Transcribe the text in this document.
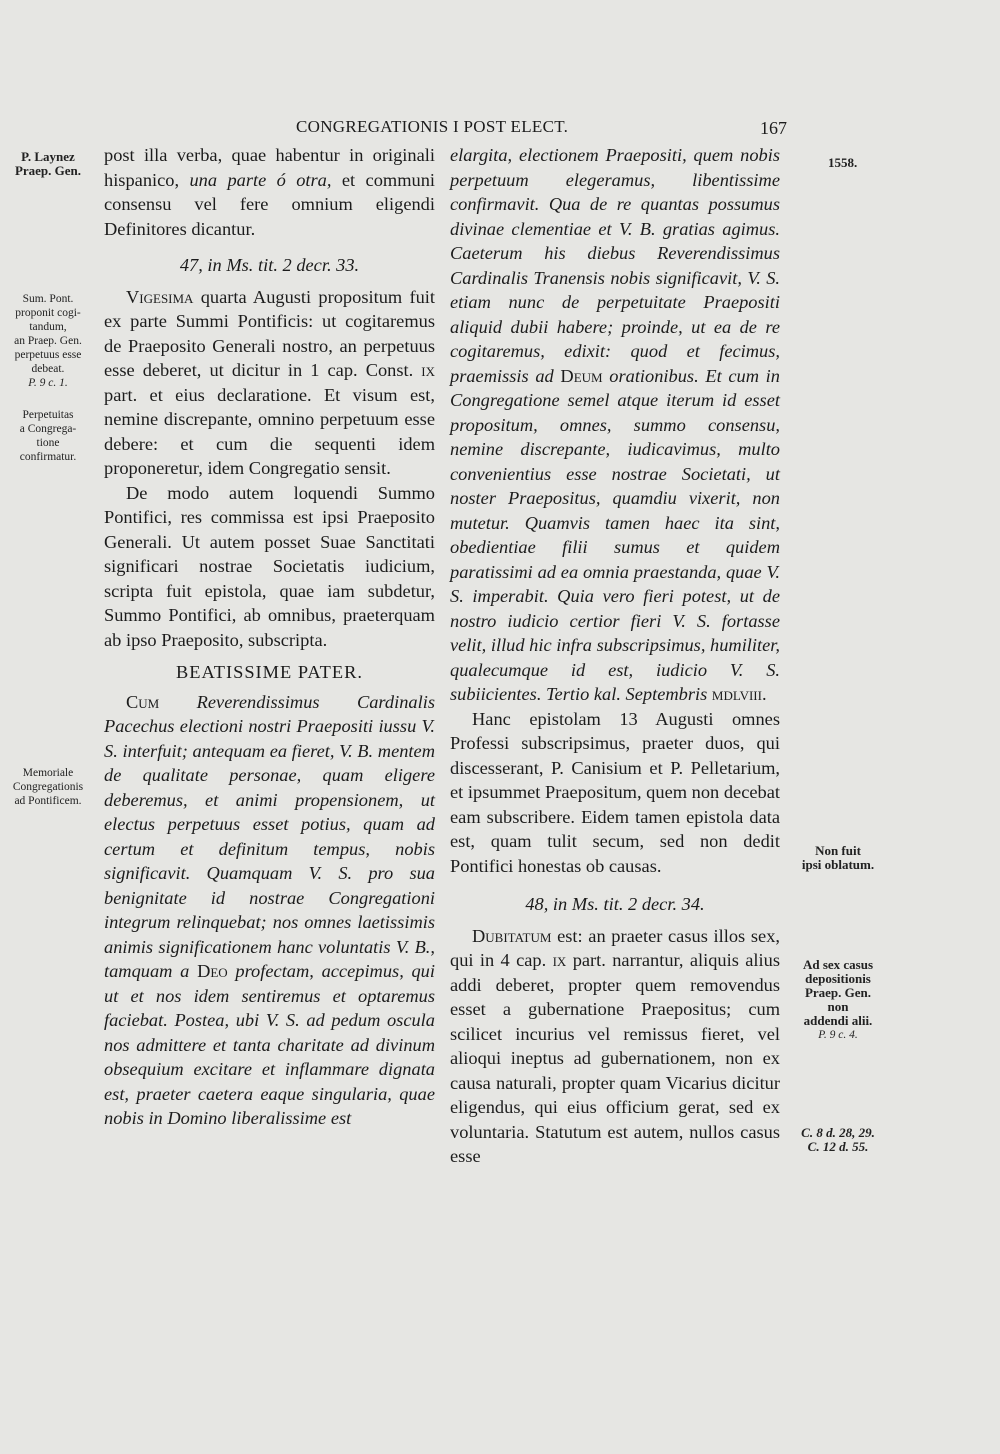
CONGREGATIONIS I POST ELECT.	167
P. Laynez
Praep. Gen.
Sum. Pont.
proponit cogi-
tandum,
an Praep. Gen.
perpetuus esse
debeat.
P. 9 c. 1.
Perpetuitas
a Congrega-
tione
confirmatur.
Memoriale
Congregationis
ad Pontificem.
1558.
Non fuit
ipsi oblatum.
Ad sex casus
depositionis
Praep. Gen.
non
addendi alii.
P. 9 c. 4.
C. 8 d. 28, 29.
C. 12 d. 55.

post illa verba, quae habentur in originali hispanico, una parte ó otra, et communi consensu vel fere omnium eligendi Definitores dicantur.

47, in Ms. tit. 2 decr. 33.

Vigesima quarta Augusti propositum fuit ex parte Summi Pontificis: ut cogitaremus de Praeposito Generali nostro, an perpetuus esse deberet, ut dicitur in 1 cap. Const. ix part. et eius declaratione. Et visum est, nemine discrepante, omnino perpetuum esse debere: et cum die sequenti idem proponeretur, idem Congregatio sensit.

De modo autem loquendi Summo Pontifici, res commissa est ipsi Praeposito Generali. Ut autem posset Suae Sanctitati significari nostrae Societatis iudicium, scripta fuit epistola, quae iam subdetur, Summo Pontifici, ab omnibus, praeterquam ab ipso Praeposito, subscripta.

BEATISSIME PATER.

Cum Reverendissimus Cardinalis Pacechus electioni nostri Praepositi iussu V. S. interfuit; antequam ea fieret, V. B. mentem de qualitate personae, quam eligere deberemus, et animi propensionem, ut electus perpetuus esset potius, quam ad certum et definitum tempus, nobis significavit. Quamquam V. S. pro sua benignitate id nostrae Congregationi integrum relinquebat; nos omnes laetissimis animis significationem hanc voluntatis V. B., tamquam a Deo profectam, accepimus, qui ut et nos idem sentiremus et optaremus faciebat. Postea, ubi V. S. ad pedum oscula nos admittere et tanta charitate ad divinum obsequium excitare et inflammare dignata est, praeter caetera eaque singularia, quae nobis in Domino liberalissime est

elargita, electionem Praepositi, quem nobis perpetuum elegeramus, libentissime confirmavit. Qua de re quantas possumus divinae clementiae et V. B. gratias agimus. Caeterum his diebus Reverendissimus Cardinalis Tranensis nobis significavit, V. S. etiam nunc de perpetuitate Praepositi aliquid dubii habere; proinde, ut ea de re cogitaremus, edixit: quod et fecimus, praemissis ad Deum orationibus. Et cum in Congregatione semel atque iterum id esset propositum, omnes, summo consensu, nemine discrepante, iudicavimus, multo convenientius esse nostrae Societati, ut noster Praepositus, quamdiu vixerit, non mutetur. Quamvis tamen haec ita sint, obedientiae filii sumus et quidem paratissimi ad ea omnia praestanda, quae V. S. imperabit. Quia vero fieri potest, ut de nostro iudicio certior fieri V. S. fortasse velit, illud hic infra subscripsimus, humiliter, qualecumque id est, iudicio V. S. subiicientes. Tertio kal. Septembris mdlviii.

Hanc epistolam 13 Augusti omnes Professi subscripsimus, praeter duos, qui discesserant, P. Canisium et P. Pelletarium, et ipsummet Praepositum, quem non decebat eam subscribere. Eidem tamen epistola data est, quam tulit secum, sed non dedit Pontifici honestas ob causas.

48, in Ms. tit. 2 decr. 34.

Dubitatum est: an praeter casus illos sex, qui in 4 cap. ix part. narrantur, aliquis alius addi deberet, propter quem removendus esset a gubernatione Praepositus; cum scilicet incurius vel remissus fieret, vel alioqui ineptus ad gubernationem, non ex causa naturali, propter quam Vicarius dicitur eligendus, qui eius officium gerat, sed ex voluntaria. Statutum est autem, nullos casus esse
